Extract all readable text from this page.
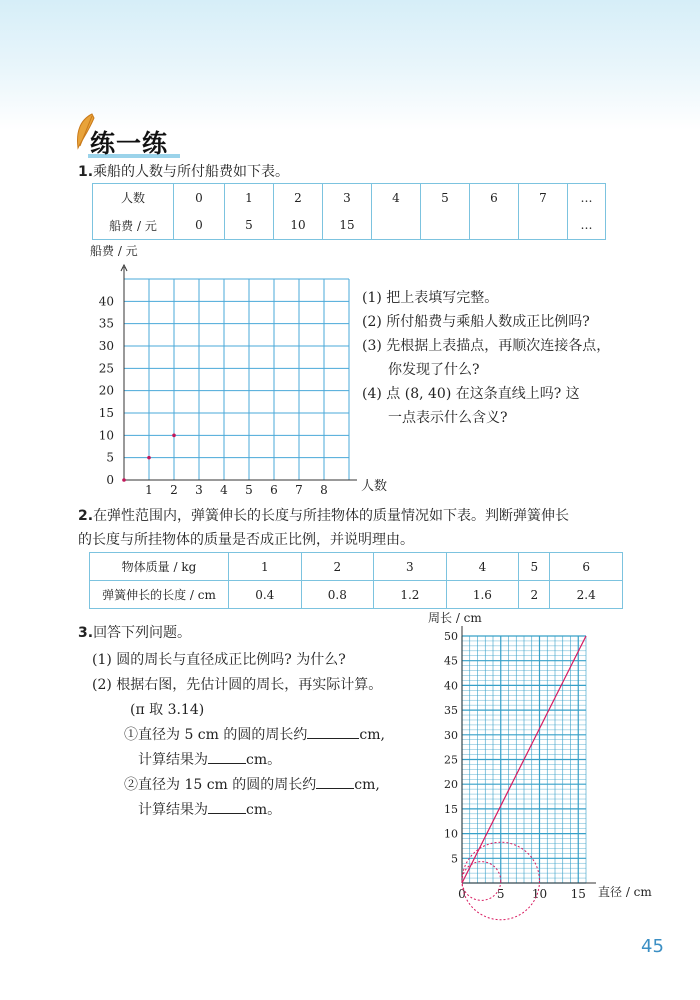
练一练
1.乘船的人数与所付船费如下表。
人数	0	1	2	3	4	5	6	7	…
船费 / 元	0	5	10	15					…
1 2 3 4 5 6 7 8
0
5
10
15
20
25
30
35
40
船费 / 元
人数
(1) 把上表填写完整。
(2) 所付船费与乘船人数成正比例吗?
(3) 先根据上表描点，再顺次连接各点，
你发现了什么?
(4) 点 (8, 40) 在这条直线上吗? 这
一点表示什么含义?
2.在弹性范围内，弹簧伸长的长度与所挂物体的质量情况如下表。判断弹簧伸长
的长度与所挂物体的质量是否成正比例，并说明理由。
物体质量 / kg	1	2	3	4	5	6
弹簧伸长的长度 / cm	0.4	0.8	1.2	1.6	2	2.4
3.回答下列问题。
(1) 圆的周长与直径成正比例吗? 为什么?
(2) 根据右图，先估计圆的周长，再实际计算。
(π 取 3.14)
①直径为 5 cm 的圆的周长约	cm,
计算结果为	cm。
②直径为 15 cm 的圆的周长约	cm,
计算结果为	cm。
0	5 10 15
5
10
15
20
25
30
35
40
45
50
周长 / cm
直径 / cm
45
